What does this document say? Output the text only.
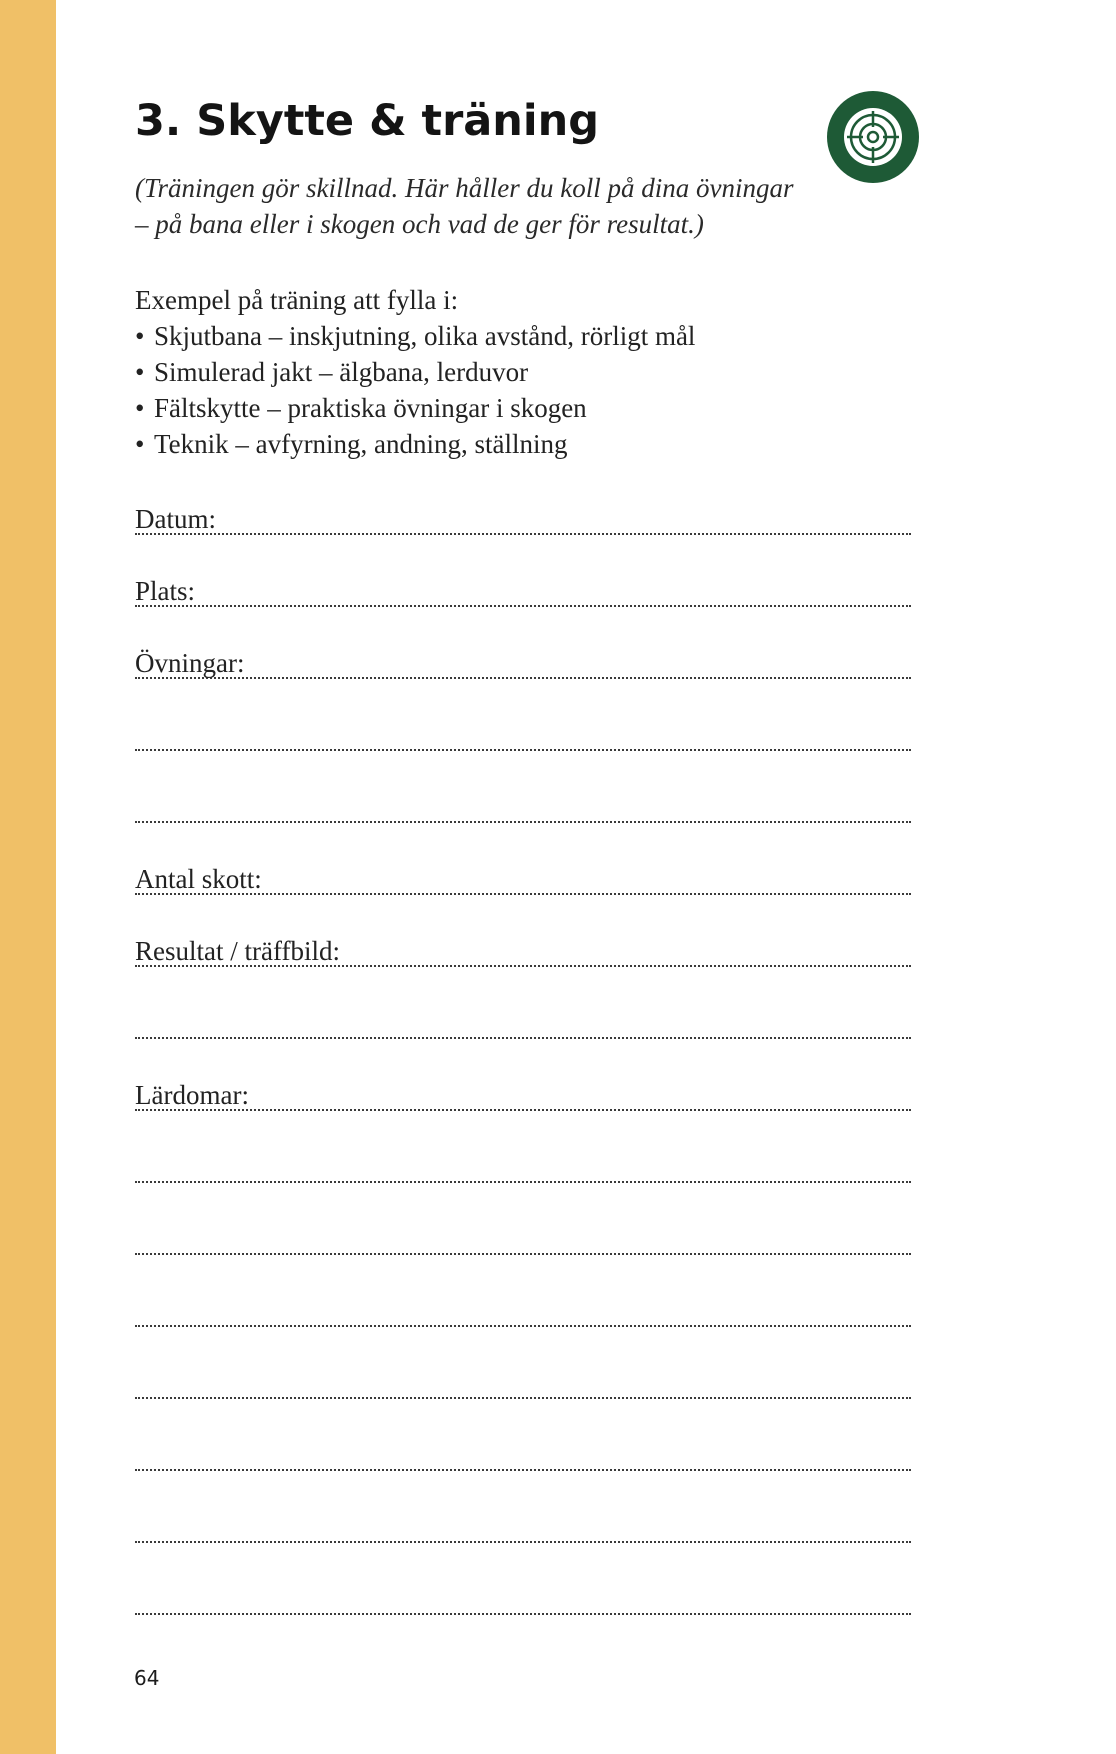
3. Skytte & träning
(Träningen gör skillnad. Här håller du koll på dina övningar
– på bana eller i skogen och vad de ger för resultat.)
Exempel på träning att fylla i:
• Skjutbana – inskjutning, olika avstånd, rörligt mål
• Simulerad jakt – älgbana, lerduvor
• Fältskytte – praktiska övningar i skogen
• Teknik – avfyrning, andning, ställning
Datum:
Plats:
Övningar:
Antal skott:
Resultat / träffbild:
Lärdomar:
64
